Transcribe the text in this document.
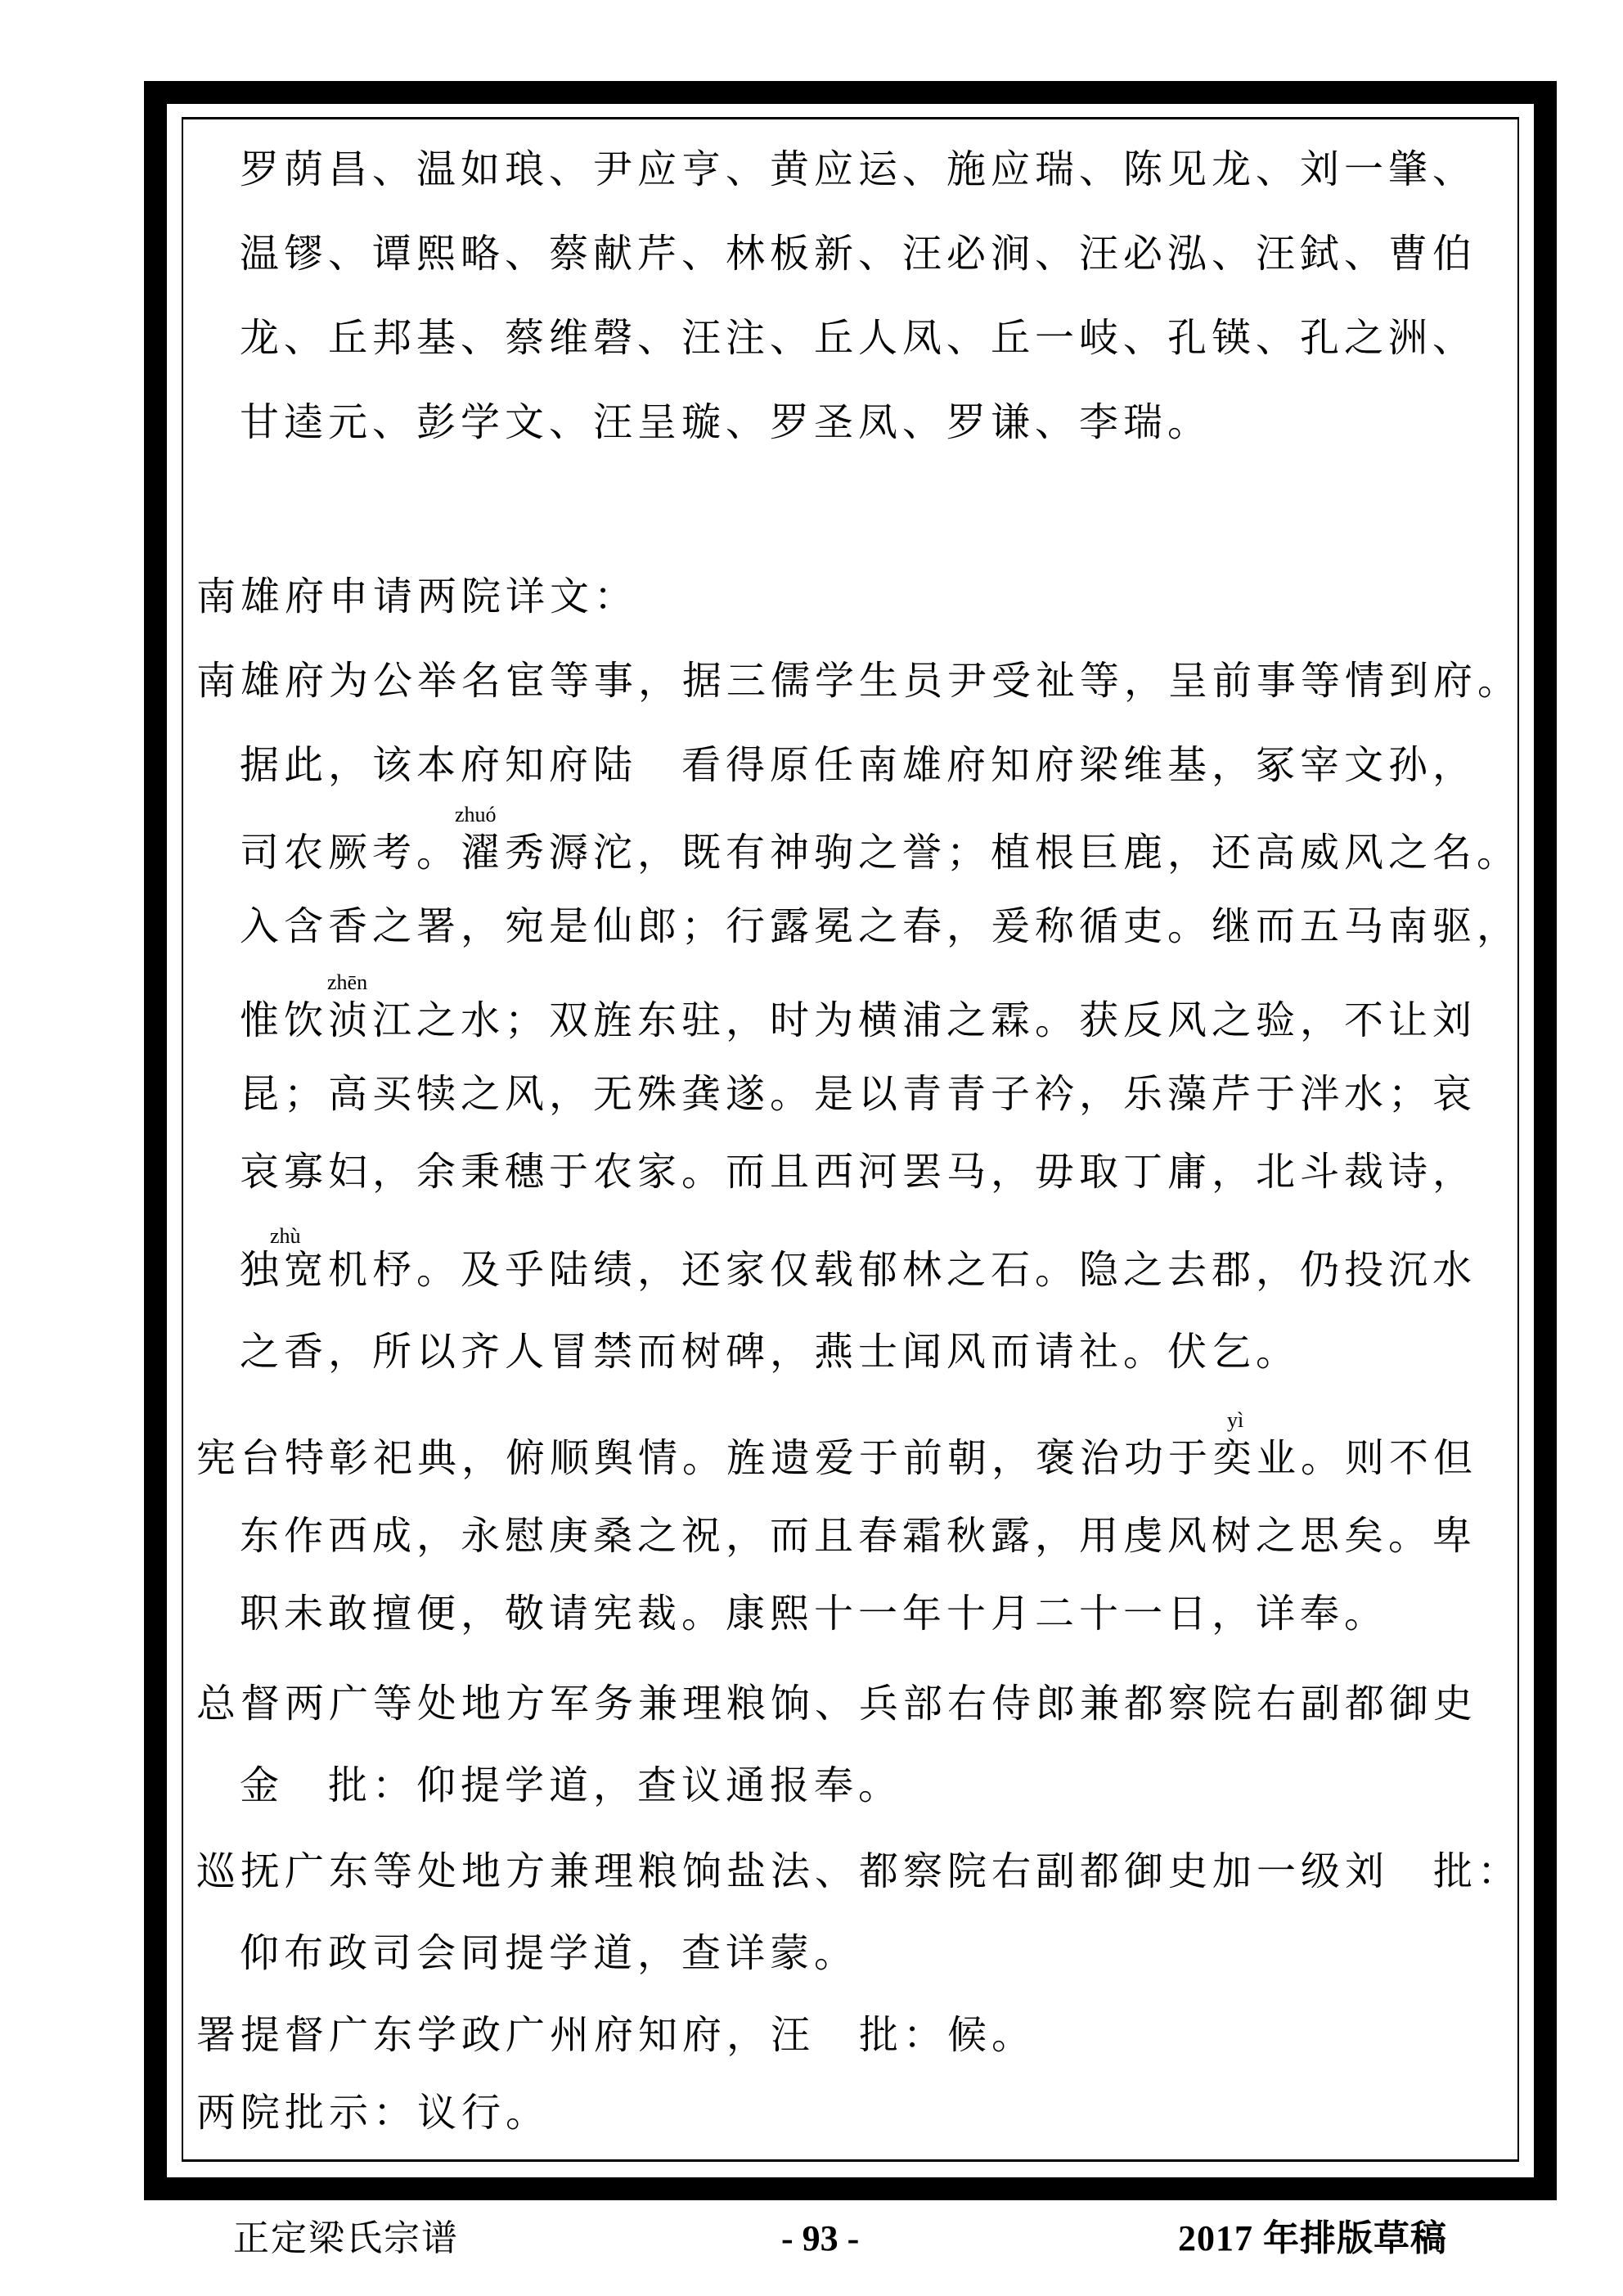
罗荫昌、温如琅、尹应亨、黄应运、施应瑞、陈见龙、刘一肇、
温镠、谭熙略、蔡献芹、林板新、汪必涧、汪必泓、汪鉽、曹伯
龙、丘邦基、蔡维磬、汪注、丘人凤、丘一岐、孔锳、孔之洲、
甘逵元、彭学文、汪呈璇、罗圣凤、罗谦、李瑞。
南雄府申请两院详文：
南雄府为公举名宦等事，据三儒学生员尹受祉等，呈前事等情到府。
据此，该本府知府陆　看得原任南雄府知府梁维基，冢宰文孙，
zhuó
司农厥考。濯秀溽沱，既有神驹之誉；植根巨鹿，还高威风之名。
入含香之署，宛是仙郎；行露冕之春，爰称循吏。继而五马南驱，
zhēn
惟饮浈江之水；双旌东驻，时为横浦之霖。获反风之验，不让刘
昆；高买犊之风，无殊龚遂。是以青青子衿，乐藻芹于泮水；哀
哀寡妇，余秉穗于农家。而且西河罢马，毋取丁庸，北斗裁诗，
zhù
独宽机杼。及乎陆绩，还家仅载郁林之石。隐之去郡，仍投沉水
之香，所以齐人冒禁而树碑，燕士闻风而请社。伏乞。
yì
宪台特彰祀典，俯顺舆情。旌遗爱于前朝，褒治功于奕业。则不但
东作西成，永慰庚桑之祝，而且春霜秋露，用虔风树之思矣。卑
职未敢擅便，敬请宪裁。康熙十一年十月二十一日，详奉。
总督两广等处地方军务兼理粮饷、兵部右侍郎兼都察院右副都御史
金　批：仰提学道，查议通报奉。
巡抚广东等处地方兼理粮饷盐法、都察院右副都御史加一级刘　批：
仰布政司会同提学道，查详蒙。
署提督广东学政广州府知府，汪　批：候。
两院批示：议行。
正定梁氏宗谱	- 93 -	2017 年排版草稿
